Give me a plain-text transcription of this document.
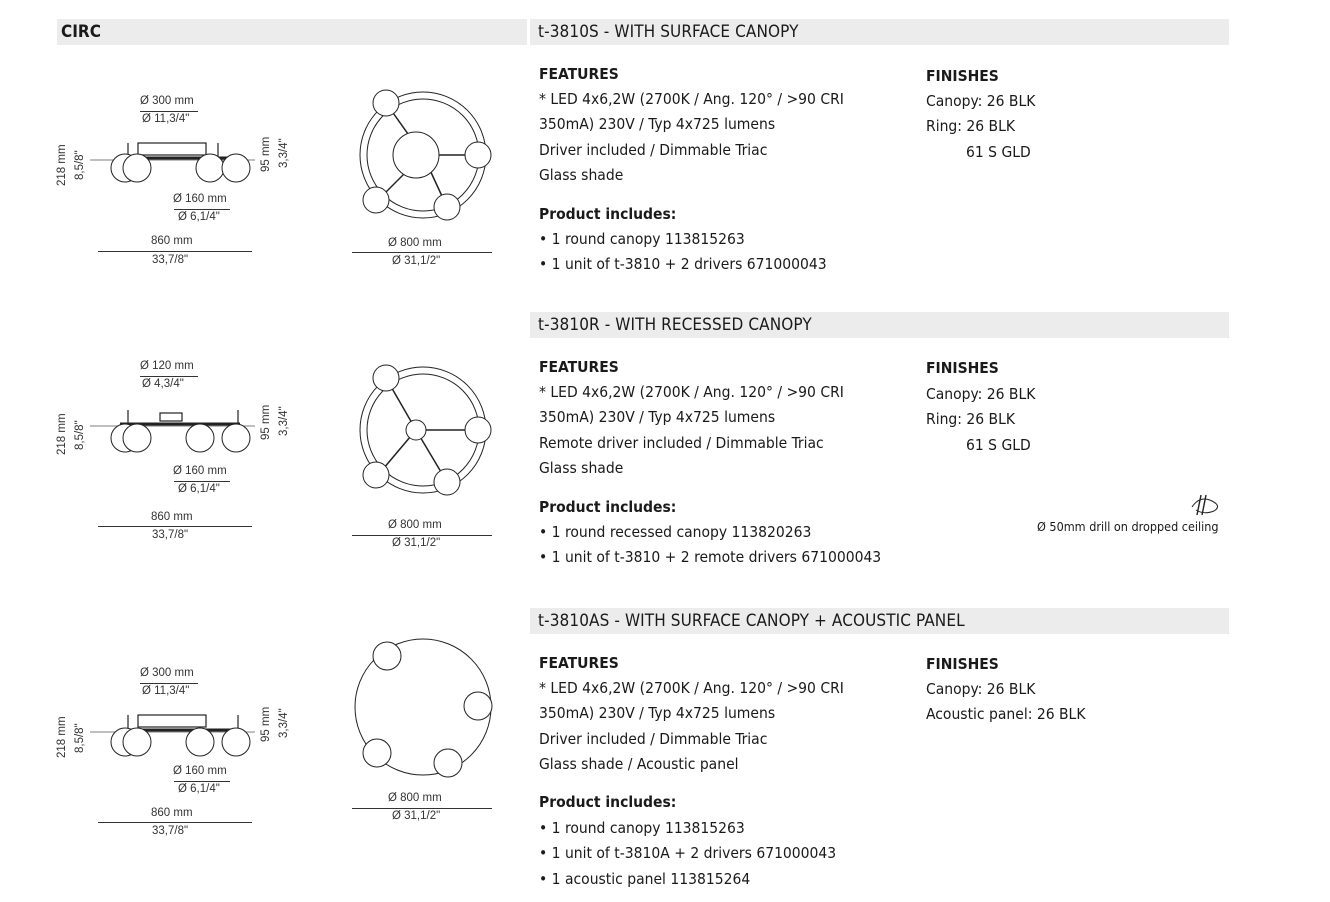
CIRC	t-3810S - WITH SURFACE CANOPY
FEATURES
* LED 4x6,2W (2700K / Ang. 120° / >90 CRI
350mA) 230V / Typ 4x725 lumens
Driver included / Dimmable Triac
Glass shade
Product includes:
• 1 round canopy 113815263
• 1 unit of t-3810 + 2 drivers 671000043
FINISHES
Canopy: 26 BLK
Ring: 26 BLK
61 S GLD
Ø 300 mm
Ø 11,3/4"
218 mm 8,5/8"	95 mm 3,3/4"
Ø 160 mm
Ø 6,1/4"
860 mm
33,7/8"
Ø 800 mm
Ø 31,1/2"
t-3810R - WITH RECESSED CANOPY
FEATURES
* LED 4x6,2W (2700K / Ang. 120° / >90 CRI
350mA) 230V / Typ 4x725 lumens
Remote driver included / Dimmable Triac
Glass shade
Product includes:
• 1 round recessed canopy 113820263
• 1 unit of t-3810 + 2 remote drivers 671000043
FINISHES
Canopy: 26 BLK
Ring: 26 BLK
61 S GLD
Ø 50mm drill on dropped ceiling
Ø 120 mm
Ø 4,3/4"
218 mm 8,5/8"	95 mm 3,3/4"
Ø 160 mm
Ø 6,1/4"
860 mm
33,7/8"
Ø 800 mm
Ø 31,1/2"
t-3810AS - WITH SURFACE CANOPY + ACOUSTIC PANEL
FEATURES
* LED 4x6,2W (2700K / Ang. 120° / >90 CRI
350mA) 230V / Typ 4x725 lumens
Driver included / Dimmable Triac
Glass shade / Acoustic panel
Product includes:
• 1 round canopy 113815263
• 1 unit of t-3810A + 2 drivers 671000043
• 1 acoustic panel 113815264
FINISHES
Canopy: 26 BLK
Acoustic panel: 26 BLK
Ø 300 mm
Ø 11,3/4"
218 mm 8,5/8"	95 mm 3,3/4"
Ø 160 mm
Ø 6,1/4"
860 mm
33,7/8"
Ø 800 mm
Ø 31,1/2"
